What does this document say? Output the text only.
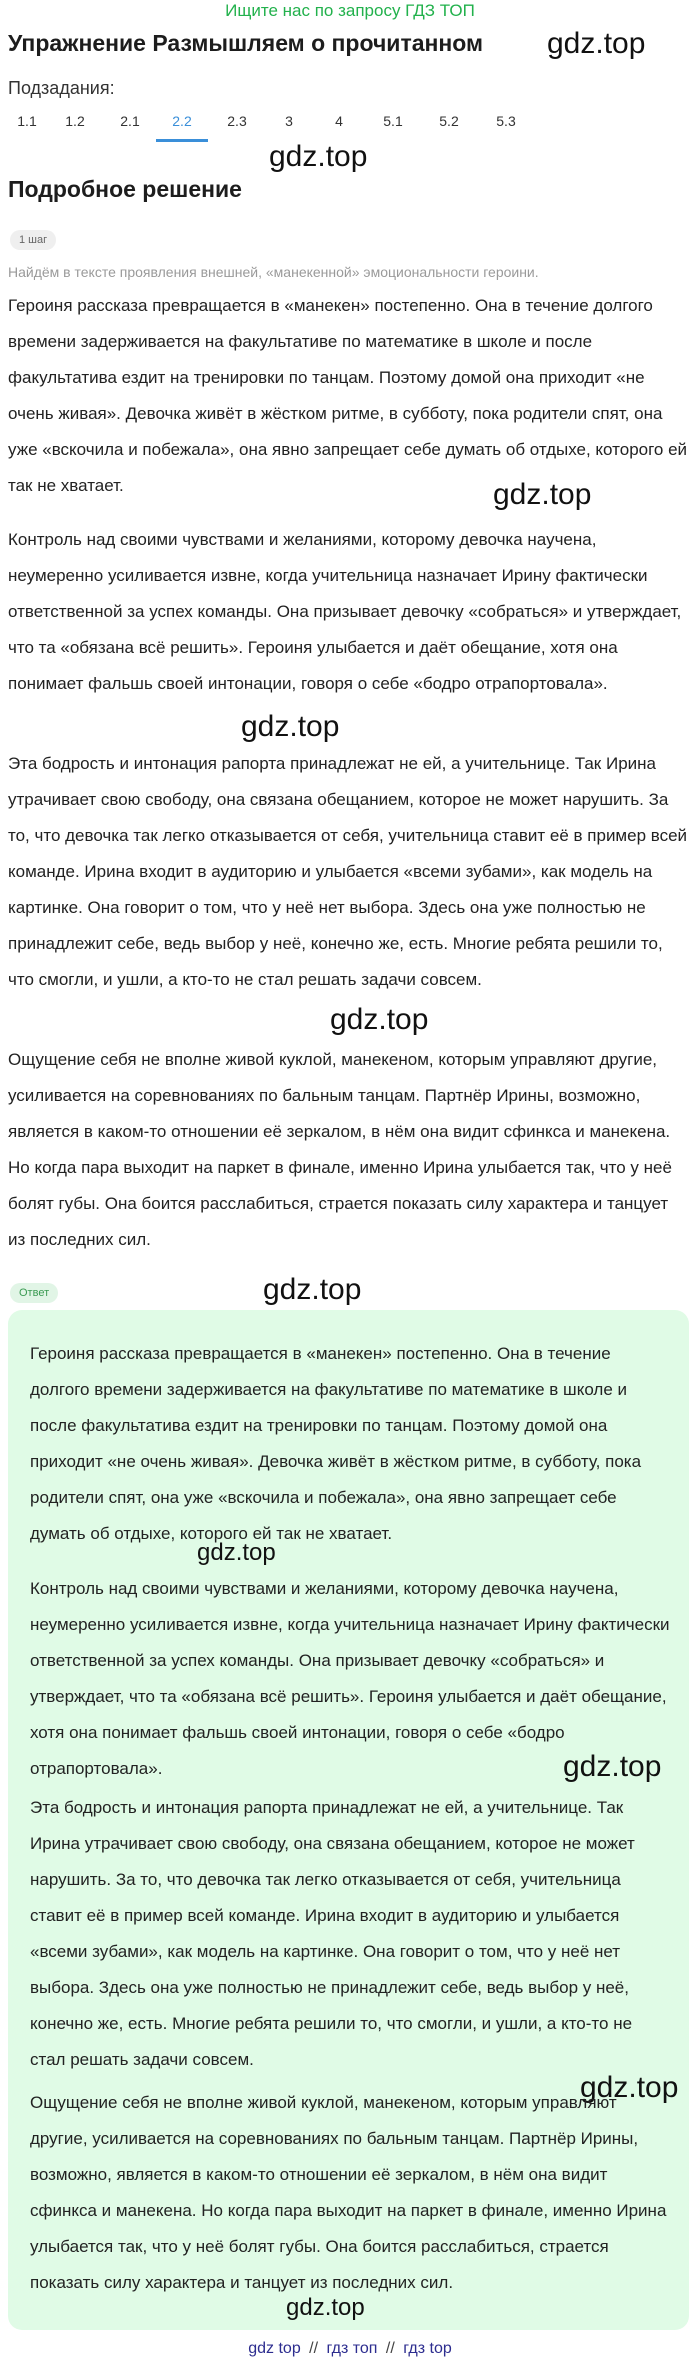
Ищите нас по запросу ГДЗ ТОП
Упражнение Размышляем о прочитанном gdz.top
Подзадания:
1.1	1.2	2.1	2.2	2.3	3	4	5.1	5.2	5.3
gdz.top
Подробное решение
1 шаг
Найдём в тексте проявления внешней, «манекенной» эмоциональности героини.

Героиня рассказа превращается в «манекен» постепенно. Она в течение долгого времени задерживается на факультативе по математике в школе и после факультатива ездит на тренировки по танцам. Поэтому домой она приходит «не очень живая». Девочка живёт в жёстком ритме, в субботу, пока родители спят, она уже «вскочила и побежала», она явно запрещает себе думать об отдыхе, которого ей так не хватает.	gdz.top

Контроль над своими чувствами и желаниями, которому девочка научена, неумеренно усиливается извне, когда учительница назначает Ирину фактически ответственной за успех команды. Она призывает девочку «собраться» и утверждает, что та «обязана всё решить». Героиня улыбается и даёт обещание, хотя она понимает фальшь своей интонации, говоря о себе «бодро отрапортовала».

gdz.top

Эта бодрость и интонация рапорта принадлежат не ей, а учительнице. Так Ирина утрачивает свою свободу, она связана обещанием, которое не может нарушить. За то, что девочка так легко отказывается от себя, учительница ставит её в пример всей команде. Ирина входит в аудиторию и улыбается «всеми зубами», как модель на картинке. Она говорит о том, что у неё нет выбора. Здесь она уже полностью не принадлежит себе, ведь выбор у неё, конечно же, есть. Многие ребята решили то, что смогли, и ушли, а кто-то не стал решать задачи совсем.

gdz.top

Ощущение себя не вполне живой куклой, манекеном, которым управляют другие, усиливается на соревнованиях по бальным танцам. Партнёр Ирины, возможно, является в каком-то отношении её зеркалом, в нём она видит сфинкса и манекена. Но когда пара выходит на паркет в финале, именно Ирина улыбается так, что у неё болят губы. Она боится расслабиться, страется показать силу характера и танцует из последних сил.

Ответ	gdz.top

Героиня рассказа превращается в «манекен» постепенно. Она в течение долгого времени задерживается на факультативе по математике в школе и после факультатива ездит на тренировки по танцам. Поэтому домой она приходит «не очень живая». Девочка живёт в жёстком ритме, в субботу, пока родители спят, она уже «вскочила и побежала», она явно запрещает себе думать об отдыхе, которого ей так не хватает.

gdz.top

Контроль над своими чувствами и желаниями, которому девочка научена, неумеренно усиливается извне, когда учительница назначает Ирину фактически ответственной за успех команды. Она призывает девочку «собраться» и утверждает, что та «обязана всё решить». Героиня улыбается и даёт обещание, хотя она понимает фальшь своей интонации, говоря о себе «бодро отрапортовала».	gdz.top

Эта бодрость и интонация рапорта принадлежат не ей, а учительнице. Так Ирина утрачивает свою свободу, она связана обещанием, которое не может нарушить. За то, что девочка так легко отказывается от себя, учительница ставит её в пример всей команде. Ирина входит в аудиторию и улыбается «всеми зубами», как модель на картинке. Она говорит о том, что у неё нет выбора. Здесь она уже полностью не принадлежит себе, ведь выбор у неё, конечно же, есть. Многие ребята решили то, что смогли, и ушли, а кто-то не стал решать задачи совсем.

gdz.top

Ощущение себя не вполне живой куклой, манекеном, которым управляют другие, усиливается на соревнованиях по бальным танцам. Партнёр Ирины, возможно, является в каком-то отношении её зеркалом, в нём она видит сфинкса и манекена. Но когда пара выходит на паркет в финале, именно Ирина улыбается так, что у неё болят губы. Она боится расслабиться, страется показать силу характера и танцует из последних сил.

gdz.top
gdz top // гдз топ // гдз top
